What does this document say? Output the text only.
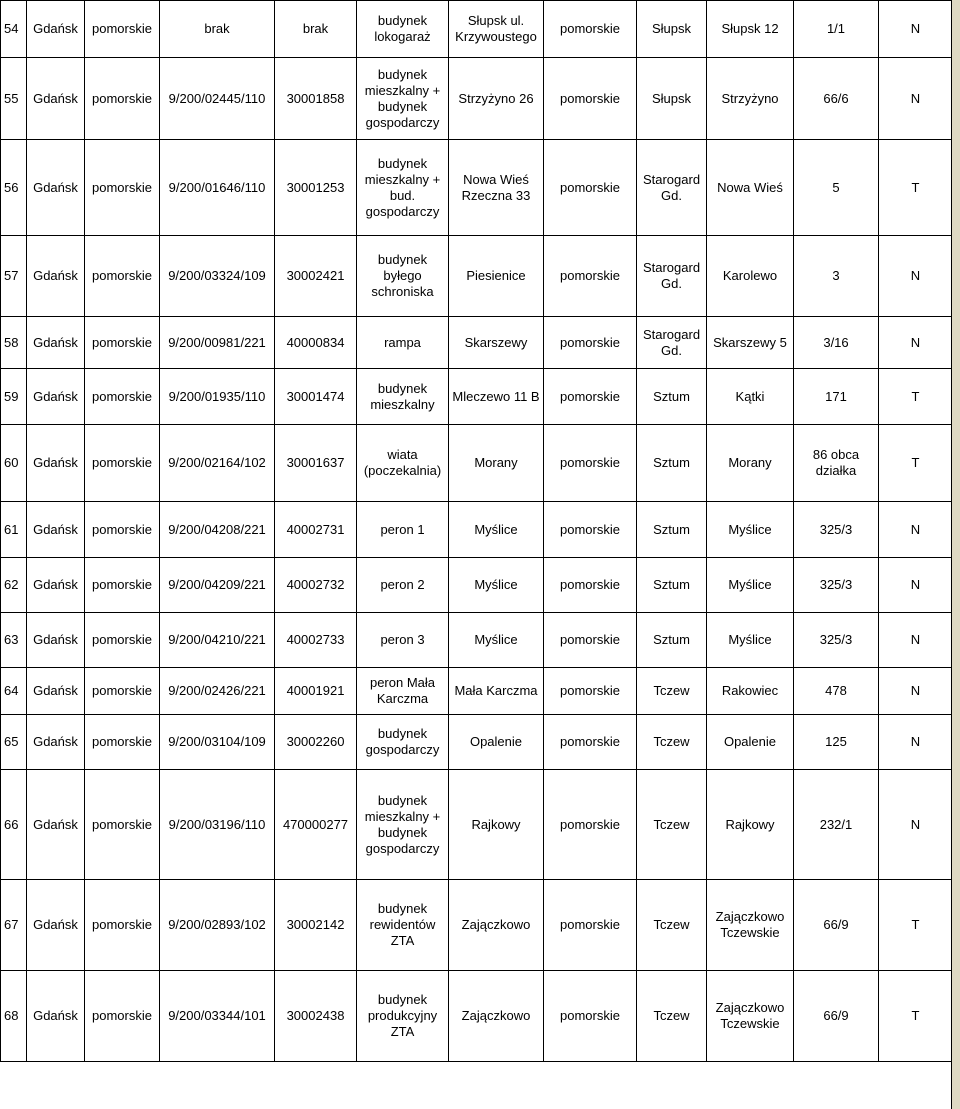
54	Gdańsk	pomorskie	brak	brak	budynek lokogaraż	Słupsk ul. Krzywoustego	pomorskie	Słupsk	Słupsk 12	1/1	N
55	Gdańsk	pomorskie	9/200/02445/110	30001858	budynek mieszkalny + budynek gospodarczy	Strzyżyno 26	pomorskie	Słupsk	Strzyżyno	66/6	N
56	Gdańsk	pomorskie	9/200/01646/110	30001253	budynek mieszkalny + bud. gospodarczy	Nowa Wieś Rzeczna 33	pomorskie	Starogard Gd.	Nowa Wieś	5	T
57	Gdańsk	pomorskie	9/200/03324/109	30002421	budynek byłego schroniska	Piesienice	pomorskie	Starogard Gd.	Karolewo	3	N
58	Gdańsk	pomorskie	9/200/00981/221	40000834	rampa	Skarszewy	pomorskie	Starogard Gd.	Skarszewy 5	3/16	N
59	Gdańsk	pomorskie	9/200/01935/110	30001474	budynek mieszkalny	Mleczewo 11 B	pomorskie	Sztum	Kątki	171	T
60	Gdańsk	pomorskie	9/200/02164/102	30001637	wiata (poczekalnia)	Morany	pomorskie	Sztum	Morany	86 obca działka	T
61	Gdańsk	pomorskie	9/200/04208/221	40002731	peron 1	Myślice	pomorskie	Sztum	Myślice	325/3	N
62	Gdańsk	pomorskie	9/200/04209/221	40002732	peron 2	Myślice	pomorskie	Sztum	Myślice	325/3	N
63	Gdańsk	pomorskie	9/200/04210/221	40002733	peron 3	Myślice	pomorskie	Sztum	Myślice	325/3	N
64	Gdańsk	pomorskie	9/200/02426/221	40001921	peron Mała Karczma	Mała Karczma	pomorskie	Tczew	Rakowiec	478	N
65	Gdańsk	pomorskie	9/200/03104/109	30002260	budynek gospodarczy	Opalenie	pomorskie	Tczew	Opalenie	125	N
66	Gdańsk	pomorskie	9/200/03196/110	470000277	budynek mieszkalny + budynek gospodarczy	Rajkowy	pomorskie	Tczew	Rajkowy	232/1	N
67	Gdańsk	pomorskie	9/200/02893/102	30002142	budynek rewidentów ZTA	Zajączkowo	pomorskie	Tczew	Zajączkowo Tczewskie	66/9	T
68	Gdańsk	pomorskie	9/200/03344/101	30002438	budynek produkcyjny ZTA	Zajączkowo	pomorskie	Tczew	Zajączkowo Tczewskie	66/9	T
